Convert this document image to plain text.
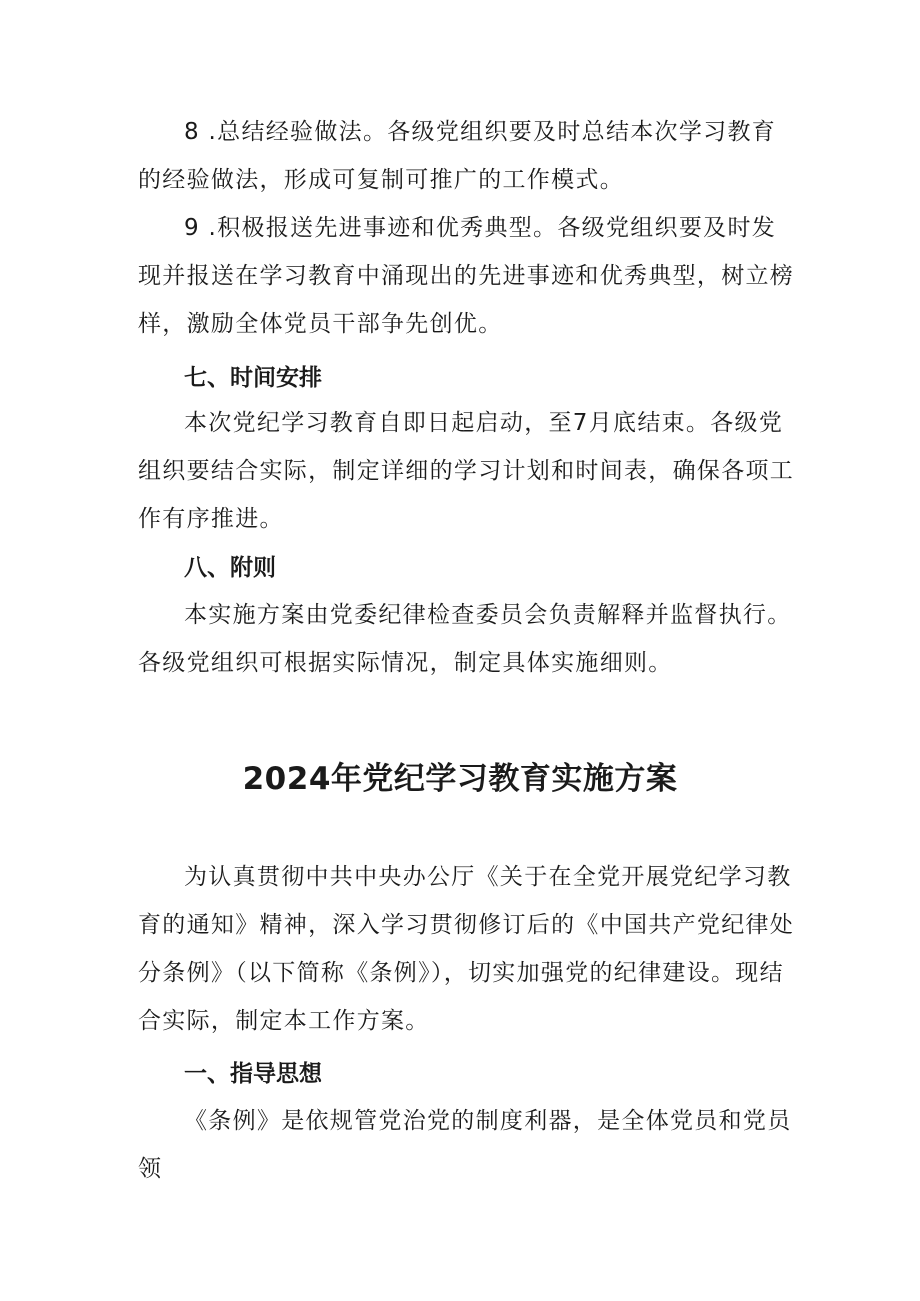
8 .总结经验做法。各级党组织要及时总结本次学习教育的经验做法，形成可复制可推广的工作模式。

9 .积极报送先进事迹和优秀典型。各级党组织要及时发现并报送在学习教育中涌现出的先进事迹和优秀典型，树立榜样，激励全体党员干部争先创优。

七、时间安排

本次党纪学习教育自即日起启动，至7月底结束。各级党组织要结合实际，制定详细的学习计划和时间表，确保各项工作有序推进。

八、附则

本实施方案由党委纪律检查委员会负责解释并监督执行。各级党组织可根据实际情况，制定具体实施细则。

2024年党纪学习教育实施方案

为认真贯彻中共中央办公厅《关于在全党开展党纪学习教育的通知》精神，深入学习贯彻修订后的《中国共产党纪律处分条例》（以下简称《条例》），切实加强党的纪律建设。现结合实际，制定本工作方案。

一、指导思想

《条例》是依规管党治党的制度利器，是全体党员和党员领
